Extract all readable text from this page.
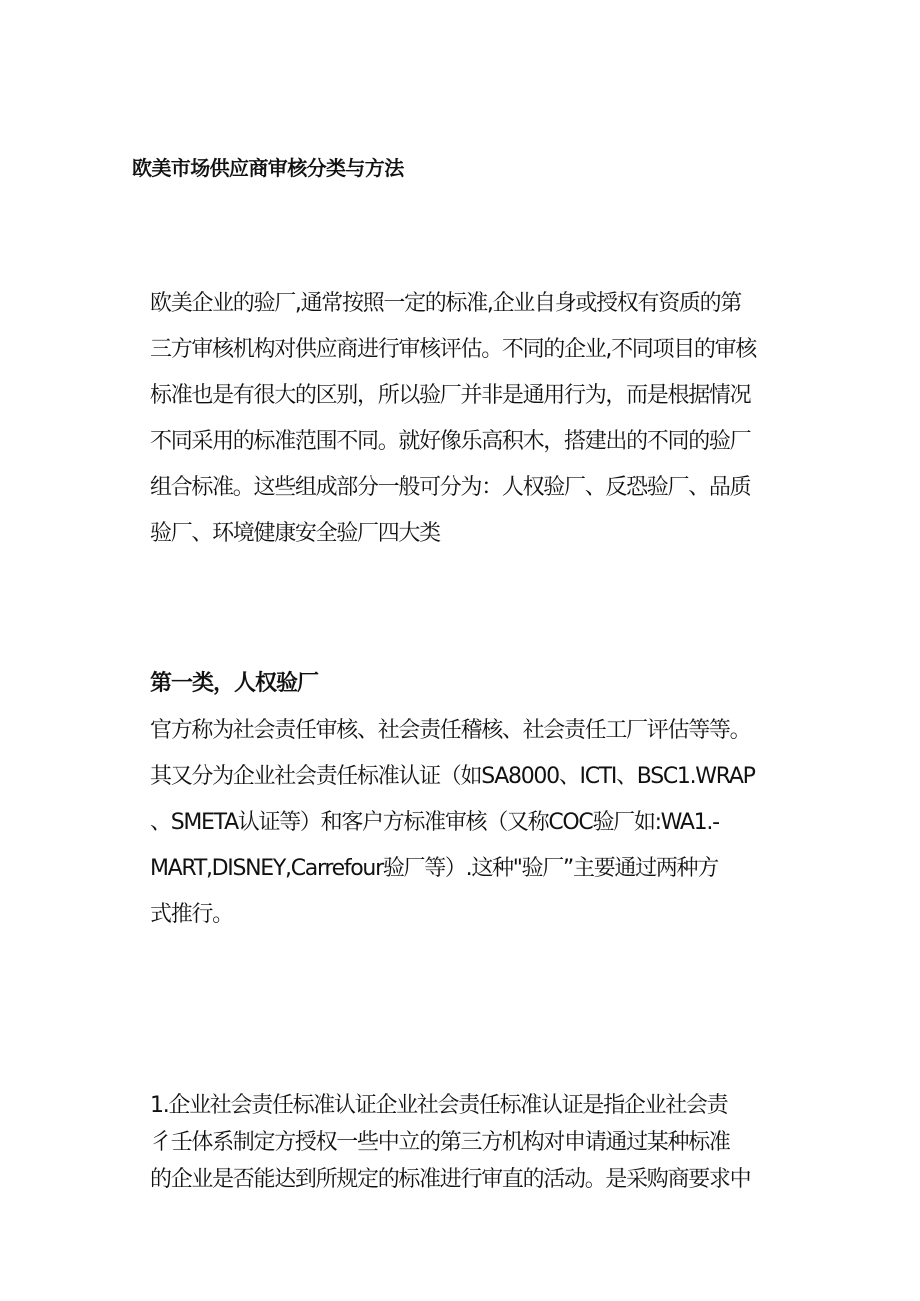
欧美市场供应商审核分类与方法
欧美企业的验厂,通常按照一定的标准,企业自身或授权有资质的第
三方审核机构对供应商进行审核评估。不同的企业,不同项目的审核
标准也是有很大的区别，所以验厂并非是通用行为，而是根据情况
不同采用的标准范围不同。就好像乐高积木，搭建出的不同的验厂
组合标准。这些组成部分一般可分为：人权验厂、反恐验厂、品质
验厂、环境健康安全验厂四大类
第一类，人权验厂
官方称为社会责任审核、社会责任稽核、社会责任工厂评估等等。
其又分为企业社会责任标准认证（如SA8000、ICTI、BSC1.WRAP
、SMETA认证等）和客户方标准审核（又称COC验厂如:WA1.-
MART,DISNEY,Carrefour验厂等）.这种"验厂”主要通过两种方
式推行。
1.企业社会责任标准认证企业社会责任标准认证是指企业社会责
彳壬体系制定方授权一些中立的第三方机构对申请通过某种标准
的企业是否能达到所规定的标准进行审直的活动。是采购商要求中
